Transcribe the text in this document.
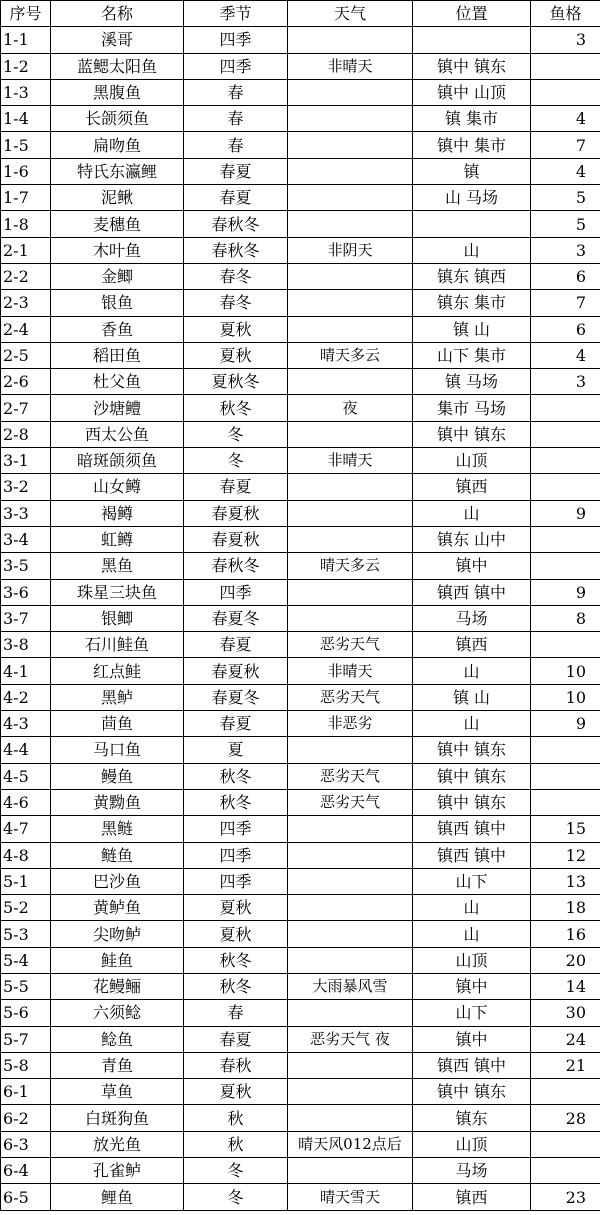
序号	名称	季节	天气	位置	鱼格
1-1	溪哥	四季			3
1-2	蓝鳃太阳鱼	四季	非晴天	镇中 镇东	
1-3	黑腹鱼	春		镇中 山顶	
1-4	长颌须鱼	春		镇 集市	4
1-5	扁吻鱼	春		镇中 集市	7
1-6	特氏东瀛鲤	春夏		镇	4
1-7	泥鳅	春夏		山 马场	5
1-8	麦穗鱼	春秋冬			5
2-1	木叶鱼	春秋冬	非阴天	山	3
2-2	金鲫	春冬		镇东 镇西	6
2-3	银鱼	春冬		镇东 集市	7
2-4	香鱼	夏秋		镇 山	6
2-5	稻田鱼	夏秋	晴天多云	山下 集市	4
2-6	杜父鱼	夏秋冬		镇 马场	3
2-7	沙塘鳢	秋冬	夜	集市 马场	
2-8	西太公鱼	冬		镇中 镇东	
3-1	暗斑颌须鱼	冬	非晴天	山顶	
3-2	山女鳟	春夏		镇西	
3-3	褐鳟	春夏秋		山	9
3-4	虹鳟	春夏秋		镇东 山中	
3-5	黑鱼	春秋冬	晴天多云	镇中	
3-6	珠星三块鱼	四季		镇西 镇中	9
3-7	银鲫	春夏冬		马场	8
3-8	石川鲑鱼	春夏	恶劣天气	镇西	
4-1	红点鲑	春夏秋	非晴天	山	10
4-2	黑鲈	春夏冬	恶劣天气	镇 山	10
4-3	茴鱼	春夏	非恶劣	山	9
4-4	马口鱼	夏		镇中 镇东	
4-5	鳗鱼	秋冬	恶劣天气	镇中 镇东	
4-6	黄黝鱼	秋冬	恶劣天气	镇中 镇东	
4-7	黑鲢	四季		镇西 镇中	15
4-8	鲢鱼	四季		镇西 镇中	12
5-1	巴沙鱼	四季		山下	13
5-2	黄鲈鱼	夏秋		山	18
5-3	尖吻鲈	夏秋		山	16
5-4	鲑鱼	秋冬		山顶	20
5-5	花鳗鲡	秋冬	大雨暴风雪	镇中	14
5-6	六须鲶	春		山下	30
5-7	鲶鱼	春夏	恶劣天气 夜	镇中	24
5-8	青鱼	春秋		镇西 镇中	21
6-1	草鱼	夏秋		镇中 镇东	
6-2	白斑狗鱼	秋		镇东	28
6-3	放光鱼	秋	晴天风012点后	山顶	
6-4	孔雀鲈	冬		马场	
6-5	鲤鱼	冬	晴天雪天	镇西	23
